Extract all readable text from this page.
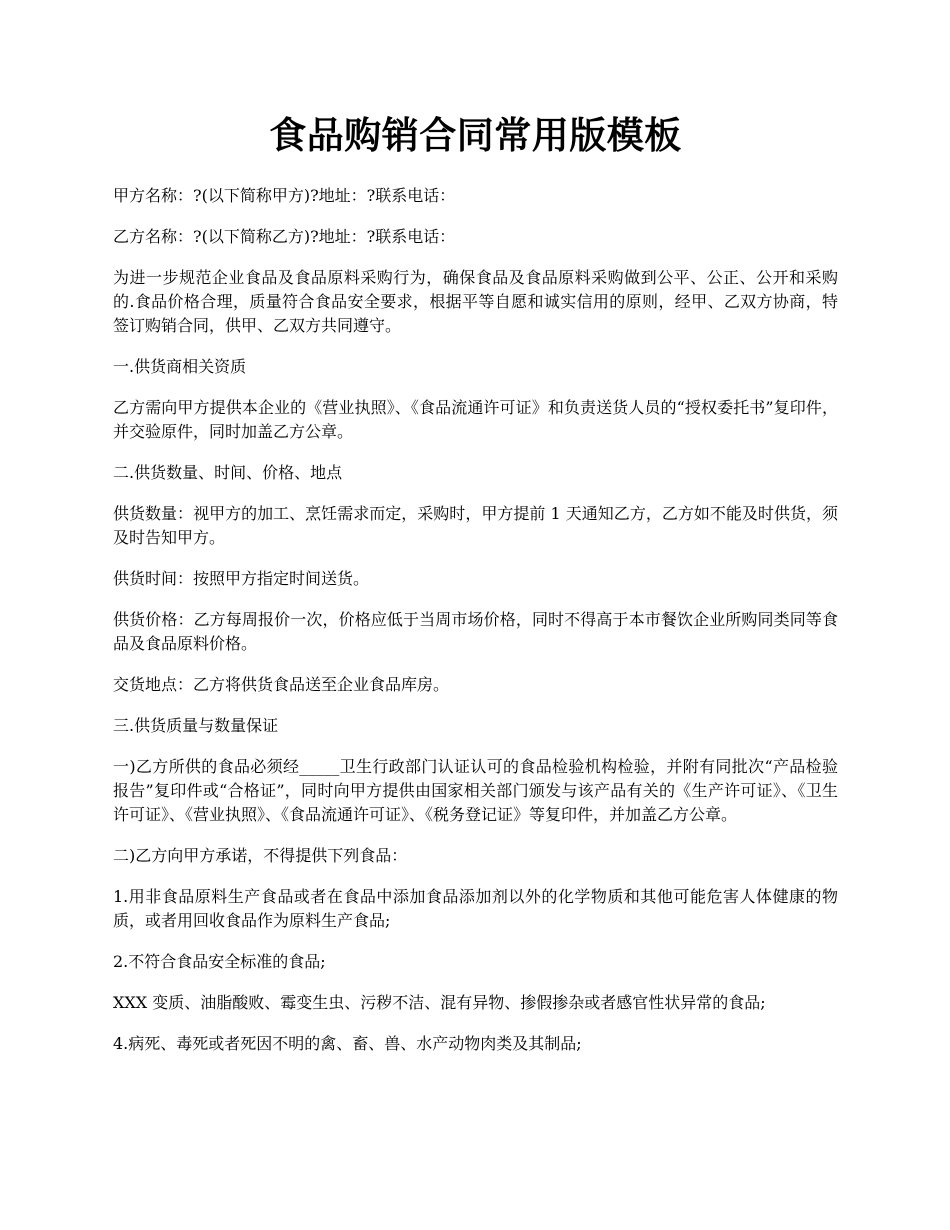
食品购销合同常用版模板

甲方名称：?(以下简称甲方)?地址：?联系电话：

乙方名称：?(以下简称乙方)?地址：?联系电话：

为进一步规范企业食品及食品原料采购行为，确保食品及食品原料采购做到公平、公正、公开和采购的.食品价格合理，质量符合食品安全要求，根据平等自愿和诚实信用的原则，经甲、乙双方协商，特签订购销合同，供甲、乙双方共同遵守。

一.供货商相关资质

乙方需向甲方提供本企业的《营业执照》、《食品流通许可证》和负责送货人员的“授权委托书”复印件，并交验原件，同时加盖乙方公章。

二.供货数量、时间、价格、地点

供货数量：视甲方的加工、烹饪需求而定，采购时，甲方提前 1 天通知乙方，乙方如不能及时供货，须及时告知甲方。

供货时间：按照甲方指定时间送货。

供货价格：乙方每周报价一次，价格应低于当周市场价格，同时不得高于本市餐饮企业所购同类同等食品及食品原料价格。

交货地点：乙方将供货食品送至企业食品库房。

三.供货质量与数量保证

一)乙方所供的食品必须经_____卫生行政部门认证认可的食品检验机构检验，并附有同批次“产品检验报告”复印件或“合格证”，同时向甲方提供由国家相关部门颁发与该产品有关的《生产许可证》、《卫生许可证》、《营业执照》、《食品流通许可证》、《税务登记证》等复印件，并加盖乙方公章。

二)乙方向甲方承诺，不得提供下列食品：

1.用非食品原料生产食品或者在食品中添加食品添加剂以外的化学物质和其他可能危害人体健康的物质，或者用回收食品作为原料生产食品;

2.不符合食品安全标准的食品;

XXX 变质、油脂酸败、霉变生虫、污秽不洁、混有异物、掺假掺杂或者感官性状异常的食品;

4.病死、毒死或者死因不明的禽、畜、兽、水产动物肉类及其制品;
